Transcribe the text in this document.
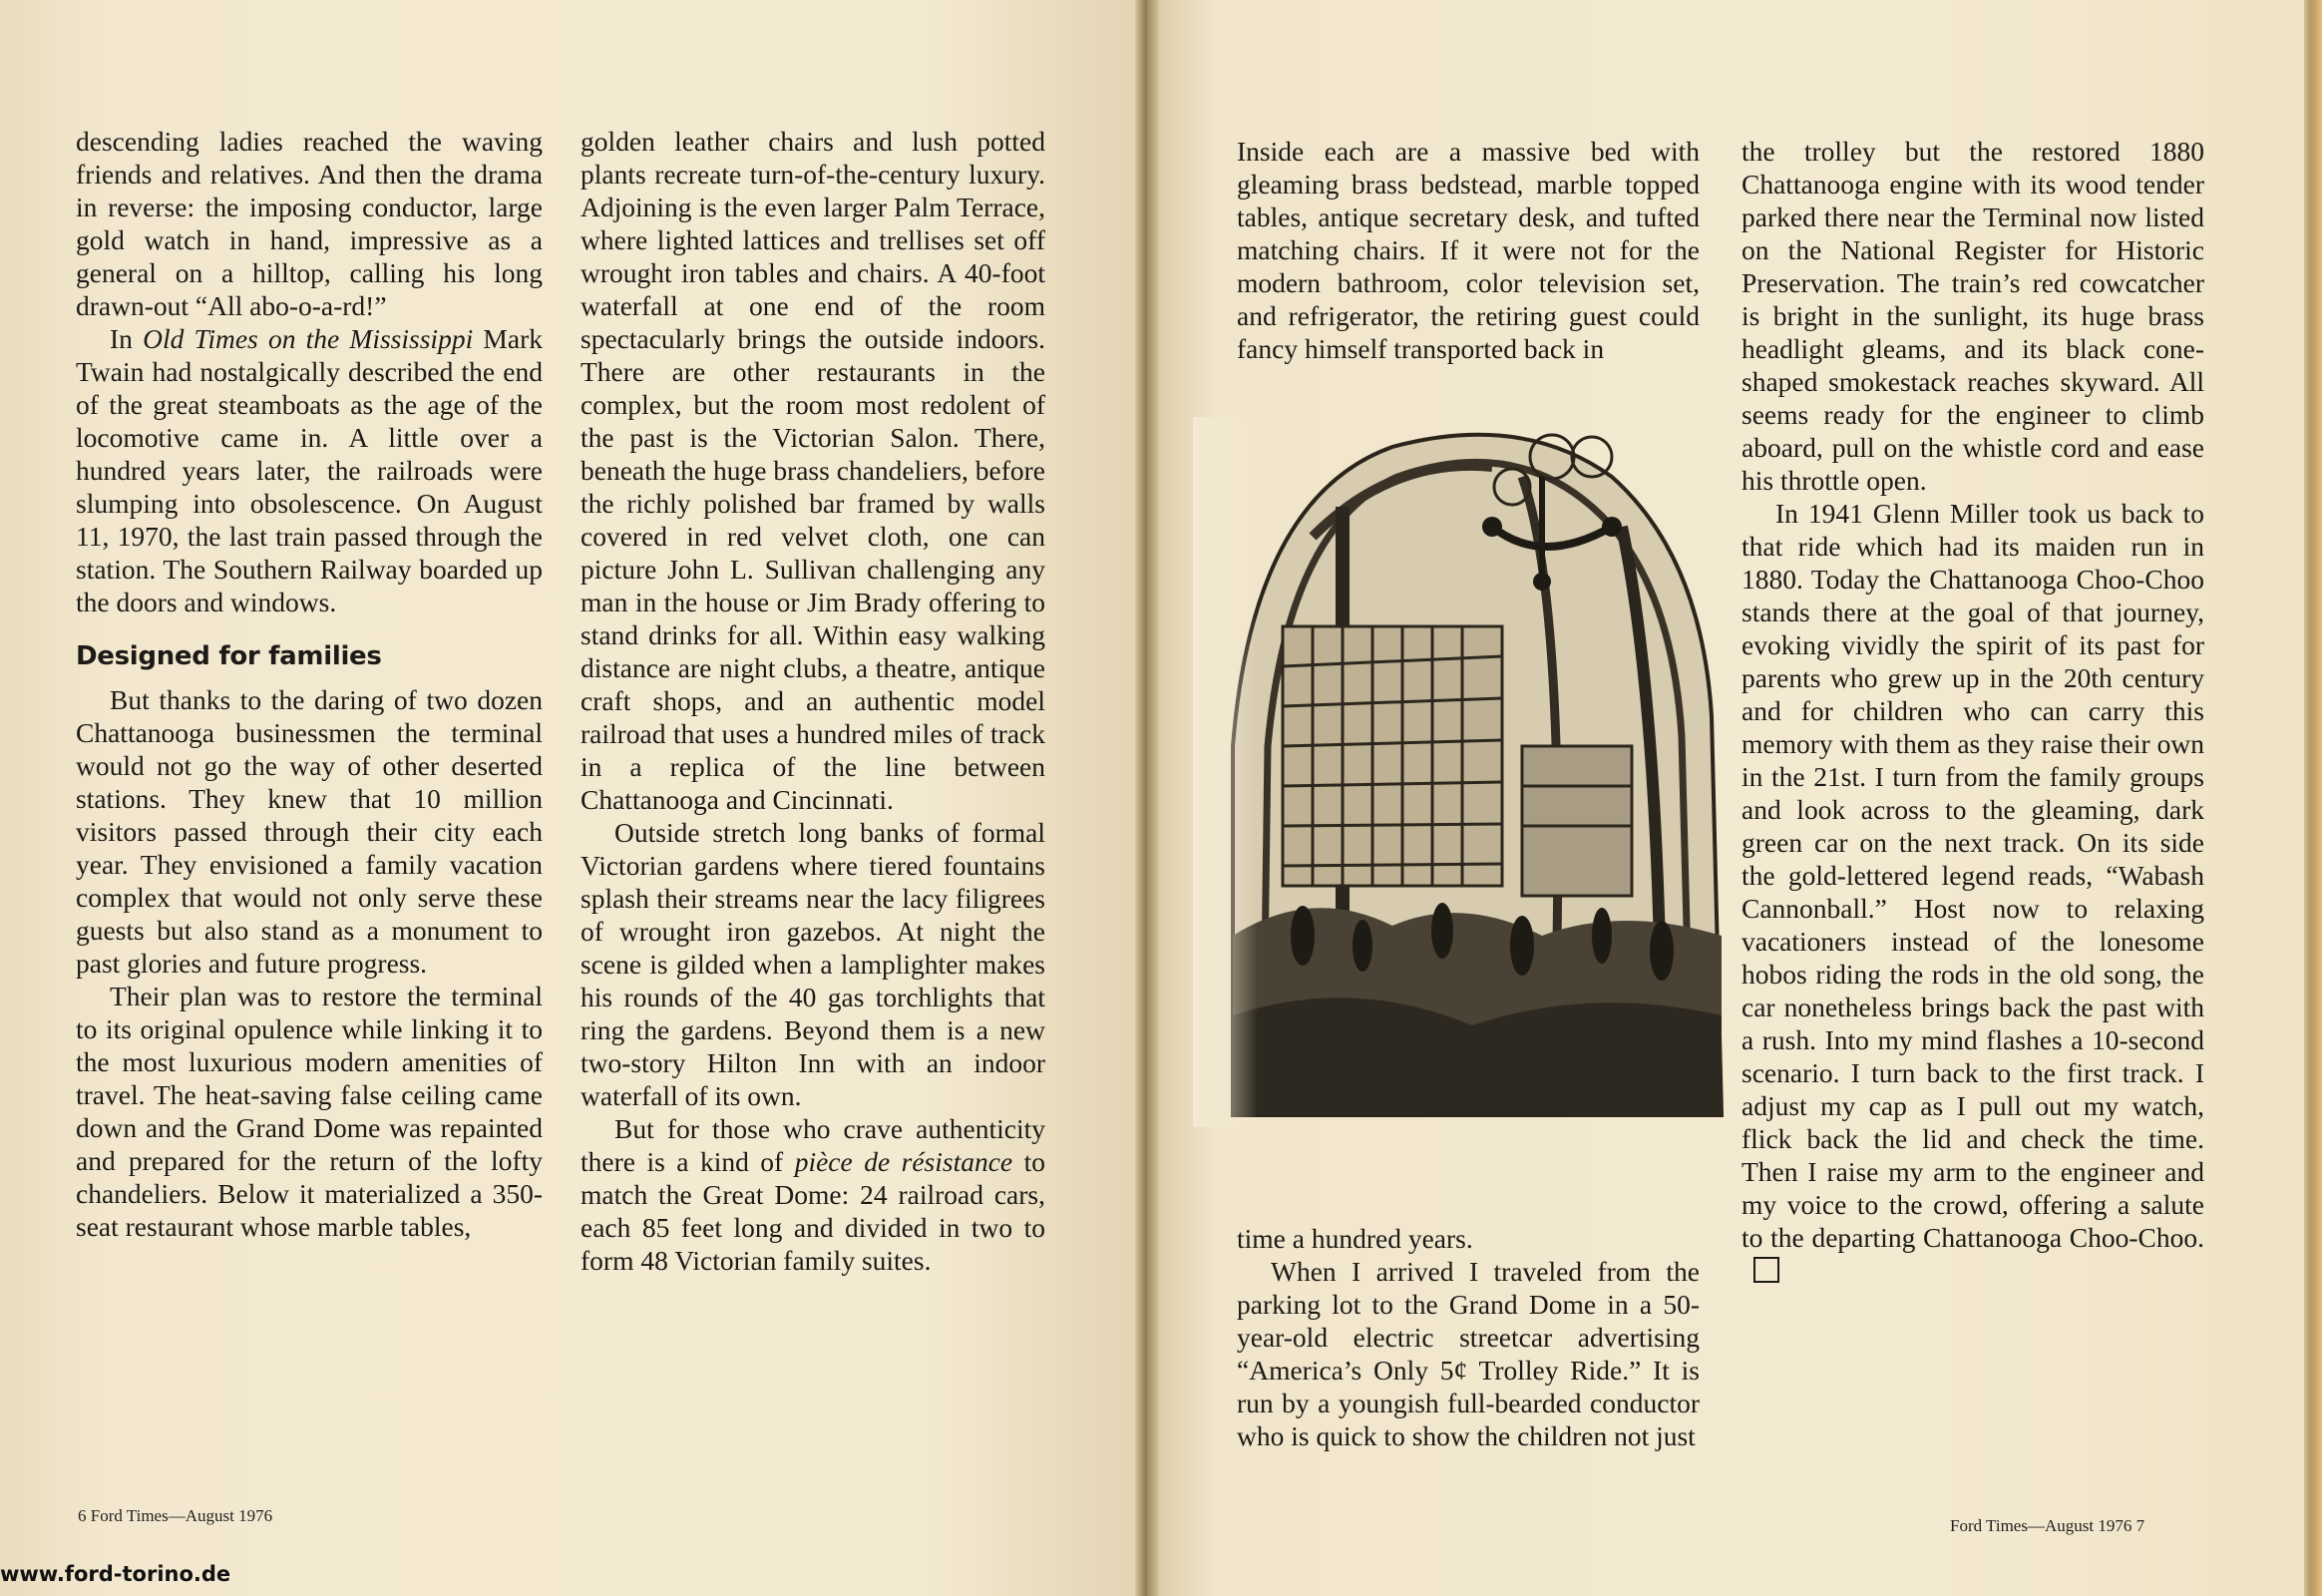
descending ladies reached the waving friends and relatives. And then the drama in reverse: the imposing conductor, large gold watch in hand, impressive as a general on a hilltop, calling his long drawn-out “All abo-o-a-rd!”

In Old Times on the Mississippi Mark Twain had nostalgically described the end of the great steamboats as the age of the locomotive came in. A little over a hundred years later, the railroads were slumping into obsolescence. On August 11, 1970, the last train passed through the station. The Southern Railway boarded up the doors and windows.

Designed for families

But thanks to the daring of two dozen Chattanooga businessmen the terminal would not go the way of other deserted stations. They knew that 10 million visitors passed through their city each year. They envisioned a family vacation complex that would not only serve these guests but also stand as a monument to past glories and future progress.

Their plan was to restore the terminal to its original opulence while linking it to the most luxurious modern amenities of travel. The heat-saving false ceiling came down and the Grand Dome was repainted and prepared for the return of the lofty chandeliers. Below it materialized a 350-seat restaurant whose marble tables,

golden leather chairs and lush potted plants recreate turn-of-the-century luxury. Adjoining is the even larger Palm Terrace, where lighted lattices and trellises set off wrought iron tables and chairs. A 40-foot waterfall at one end of the room spectacularly brings the outside indoors. There are other restaurants in the complex, but the room most redolent of the past is the Victorian Salon. There, beneath the huge brass chandeliers, before the richly polished bar framed by walls covered in red velvet cloth, one can picture John L. Sullivan challenging any man in the house or Jim Brady offering to stand drinks for all. Within easy walking distance are night clubs, a theatre, antique craft shops, and an authentic model railroad that uses a hundred miles of track in a replica of the line between Chattanooga and Cincinnati.

Outside stretch long banks of formal Victorian gardens where tiered fountains splash their streams near the lacy filigrees of wrought iron gazebos. At night the scene is gilded when a lamplighter makes his rounds of the 40 gas torchlights that ring the gardens. Beyond them is a new two-story Hilton Inn with an indoor waterfall of its own.

But for those who crave authenticity there is a kind of pièce de résistance to match the Great Dome: 24 railroad cars, each 85 feet long and divided in two to form 48 Victorian family suites.

6 Ford Times—August 1976

Inside each are a massive bed with gleaming brass bedstead, marble topped tables, antique secretary desk, and tufted matching chairs. If it were not for the modern bathroom, color television set, and refrigerator, the retiring guest could fancy himself transported back in

time a hundred years.

When I arrived I traveled from the parking lot to the Grand Dome in a 50-year-old electric streetcar advertising “America’s Only 5¢ Trolley Ride.” It is run by a youngish full-bearded conductor who is quick to show the children not just

the trolley but the restored 1880 Chattanooga engine with its wood tender parked there near the Terminal now listed on the National Register for Historic Preservation. The train’s red cowcatcher is bright in the sunlight, its huge brass headlight gleams, and its black cone-shaped smokestack reaches skyward. All seems ready for the engineer to climb aboard, pull on the whistle cord and ease his throttle open.

In 1941 Glenn Miller took us back to that ride which had its maiden run in 1880. Today the Chattanooga Choo-Choo stands there at the goal of that journey, evoking vividly the spirit of its past for parents who grew up in the 20th century and for children who can carry this memory with them as they raise their own in the 21st. I turn from the family groups and look across to the gleaming, dark green car on the next track. On its side the gold-lettered legend reads, “Wabash Cannonball.” Host now to relaxing vacationers instead of the lonesome hobos riding the rods in the old song, the car nonetheless brings back the past with a rush. Into my mind flashes a 10-second scenario. I turn back to the first track. I adjust my cap as I pull out my watch, flick back the lid and check the time. Then I raise my arm to the engineer and my voice to the crowd, offering a salute to the departing Chattanooga Choo-Choo.

Ford Times—August 1976 7
www.ford-torino.de
